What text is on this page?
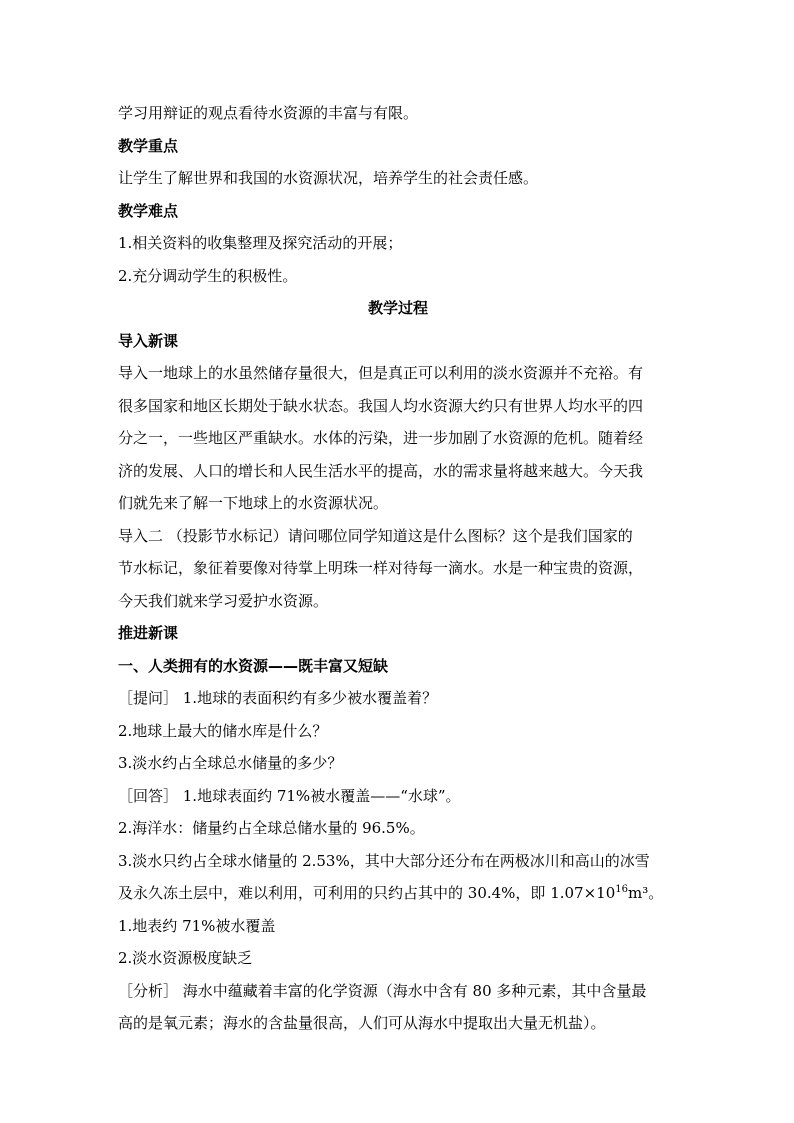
学习用辩证的观点看待水资源的丰富与有限。
教学重点
让学生了解世界和我国的水资源状况，培养学生的社会责任感。
教学难点
1.相关资料的收集整理及探究活动的开展；
2.充分调动学生的积极性。
教学过程
导入新课
导入一地球上的水虽然储存量很大，但是真正可以利用的淡水资源并不充裕。有
很多国家和地区长期处于缺水状态。我国人均水资源大约只有世界人均水平的四
分之一，一些地区严重缺水。水体的污染，进一步加剧了水资源的危机。随着经
济的发展、人口的增长和人民生活水平的提高，水的需求量将越来越大。今天我
们就先来了解一下地球上的水资源状况。
导入二 （投影节水标记）请问哪位同学知道这是什么图标？这个是我们国家的
节水标记，象征着要像对待掌上明珠一样对待每一滴水。水是一种宝贵的资源，
今天我们就来学习爱护水资源。
推进新课
一、人类拥有的水资源——既丰富又短缺
［提问］ 1.地球的表面积约有多少被水覆盖着？
2.地球上最大的储水库是什么？
3.淡水约占全球总水储量的多少？
［回答］ 1.地球表面约 71%被水覆盖——“水球”。
2.海洋水：储量约占全球总储水量的 96.5%。
3.淡水只约占全球水储量的 2.53%，其中大部分还分布在两极冰川和高山的冰雪
及永久冻土层中，难以利用，可利用的只约占其中的 30.4%，即 $1.07\times 10^{16}m^3$。
1.地表约 71%被水覆盖
2.淡水资源极度缺乏
［分析］ 海水中蕴藏着丰富的化学资源（海水中含有 80 多种元素，其中含量最
高的是氧元素；海水的含盐量很高，人们可从海水中提取出大量无机盐）。
